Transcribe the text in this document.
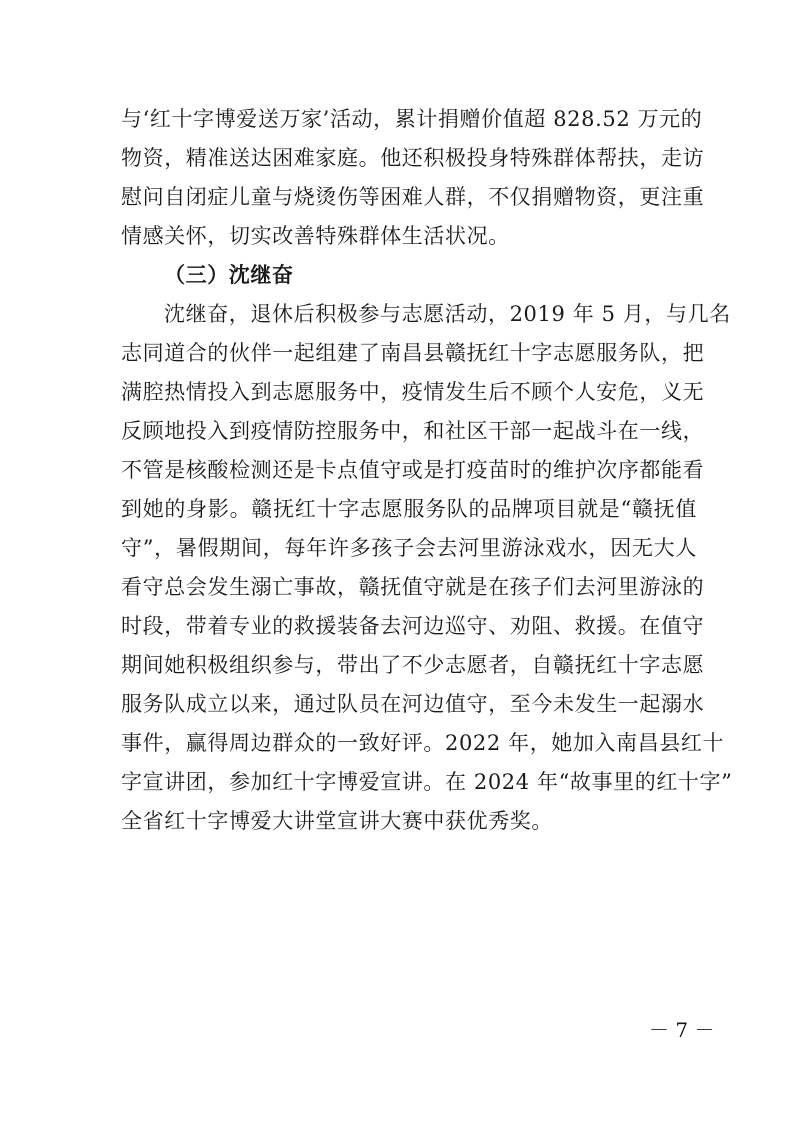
与‘红十字博爱送万家’活动，累计捐赠价值超 828.52 万元的
物资，精准送达困难家庭。他还积极投身特殊群体帮扶，走访
慰问自闭症儿童与烧烫伤等困难人群，不仅捐赠物资，更注重
情感关怀，切实改善特殊群体生活状况。
（三）沈继奋
沈继奋，退休后积极参与志愿活动，2019 年 5 月，与几名
志同道合的伙伴一起组建了南昌县赣抚红十字志愿服务队，把
满腔热情投入到志愿服务中，疫情发生后不顾个人安危，义无
反顾地投入到疫情防控服务中，和社区干部一起战斗在一线，
不管是核酸检测还是卡点值守或是打疫苗时的维护次序都能看
到她的身影。赣抚红十字志愿服务队的品牌项目就是“赣抚值
守”，暑假期间，每年许多孩子会去河里游泳戏水，因无大人
看守总会发生溺亡事故，赣抚值守就是在孩子们去河里游泳的
时段，带着专业的救援装备去河边巡守、劝阻、救援。在值守
期间她积极组织参与，带出了不少志愿者，自赣抚红十字志愿
服务队成立以来，通过队员在河边值守，至今未发生一起溺水
事件，赢得周边群众的一致好评。2022 年，她加入南昌县红十
字宣讲团，参加红十字博爱宣讲。在 2024 年“故事里的红十字”
全省红十字博爱大讲堂宣讲大赛中获优秀奖。
－ 7 －
